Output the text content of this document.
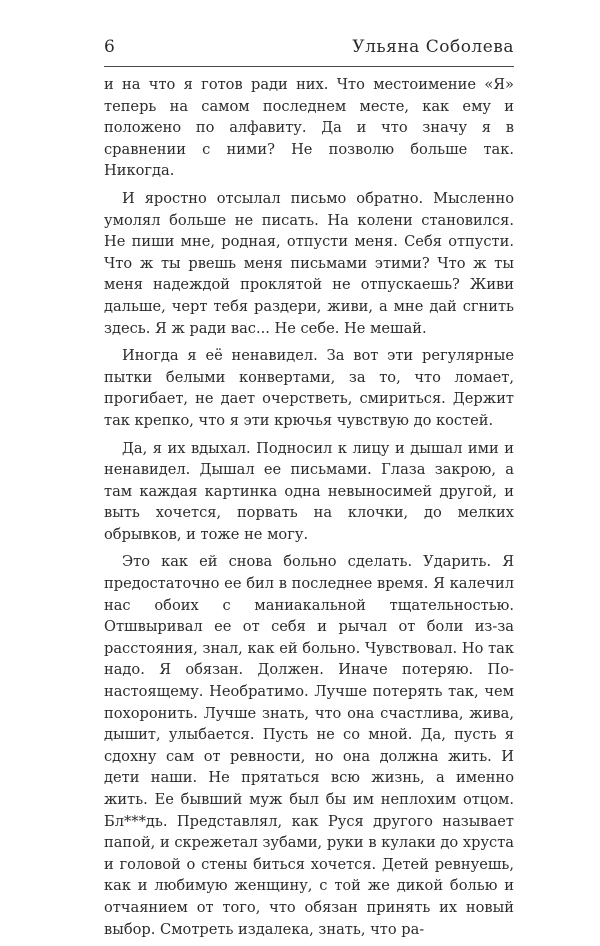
6	Ульяна Соболева

и на что я готов ради них. Что местоимение «Я» теперь на самом последнем месте, как ему и положено по алфавиту. Да и что значу я в сравнении с ними? Не позволю больше так. Никогда.

И яростно отсылал письмо обратно. Мысленно умолял больше не писать. На колени становился. Не пиши мне, родная, отпусти меня. Себя отпусти. Что ж ты рвешь меня письмами этими? Что ж ты меня надеждой проклятой не отпускаешь? Живи дальше, черт тебя раздери, живи, а мне дай сгнить здесь. Я ж ради вас... Не себе. Не мешай.

Иногда я её ненавидел. За вот эти регулярные пытки белыми конвертами, за то, что ломает, прогибает, не дает очерстветь, смириться. Держит так крепко, что я эти крючья чувствую до костей.

Да, я их вдыхал. Подносил к лицу и дышал ими и ненавидел. Дышал ее письмами. Глаза закрою, а там каждая картинка одна невыносимей другой, и выть хочется, порвать на клочки, до мелких обрывков, и тоже не могу.

Это как ей снова больно сделать. Ударить. Я предостаточно ее бил в последнее время. Я калечил нас обоих с маниакальной тщательностью. Отшвыривал ее от себя и рычал от боли из-за расстояния, знал, как ей больно. Чувствовал. Но так надо. Я обязан. Должен. Иначе потеряю. По-настоящему. Необратимо. Лучше потерять так, чем похоронить. Лучше знать, что она счастлива, жива, дышит, улыбается. Пусть не со мной. Да, пусть я сдохну сам от ревности, но она должна жить. И дети наши. Не прятаться всю жизнь, а именно жить. Ее бывший муж был бы им неплохим отцом. Бл***дь. Представлял, как Руся другого называет папой, и скрежетал зубами, руки в кулаки до хруста и головой о стены биться хочется. Детей ревнуешь, как и любимую женщину, с той же дикой болью и отчаянием от того, что обязан принять их новый выбор. Смотреть издалека, знать, что ра-
